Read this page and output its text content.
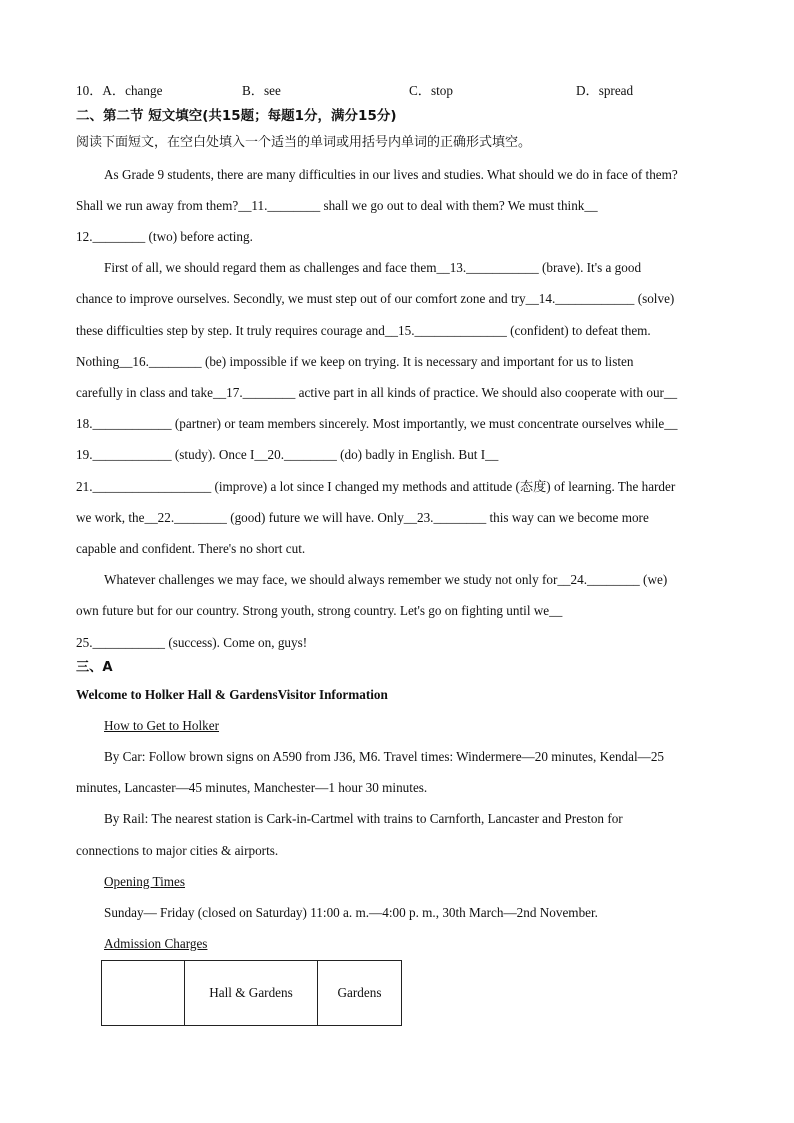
10．A．change	B．see	C．stop	D．spread
二、第二节 短文填空(共15题；每题1分，满分15分)
阅读下面短文，在空白处填入一个适当的单词或用括号内单词的正确形式填空。
As Grade 9 students, there are many difficulties in our lives and studies. What should we do in face of them?
Shall we run away from them?__11.________ shall we go out to deal with them? We must think__
12.________ (two) before acting.
First of all, we should regard them as challenges and face them__13.___________ (brave). It's a good
chance to improve ourselves. Secondly, we must step out of our comfort zone and try__14.____________ (solve)
these difficulties step by step. It truly requires courage and__15.______________ (confident) to defeat them.
Nothing__16.________ (be) impossible if we keep on trying. It is necessary and important for us to listen
carefully in class and take__17.________ active part in all kinds of practice. We should also cooperate with our__
18.____________ (partner) or team members sincerely. Most importantly, we must concentrate ourselves while__
19.____________ (study). Once I__20.________ (do) badly in English. But I__
21.__________________ (improve) a lot since I changed my methods and attitude (态度) of learning. The harder
we work, the__22.________ (good) future we will have. Only__23.________ this way can we become more
capable and confident. There's no short cut.
Whatever challenges we may face, we should always remember we study not only for__24.________ (we)
own future but for our country. Strong youth, strong country. Let's go on fighting until we__
25.___________ (success). Come on, guys!
三、A
Welcome to Holker Hall & GardensVisitor Information
How to Get to Holker
By Car: Follow brown signs on A590 from J36, M6. Travel times: Windermere—20 minutes, Kendal—25
minutes, Lancaster—45 minutes, Manchester—1 hour 30 minutes.
By Rail: The nearest station is Cark-in-Cartmel with trains to Carnforth, Lancaster and Preston for
connections to major cities & airports.
Opening Times
Sunday— Friday (closed on Saturday) 11:00 a. m.—4:00 p. m., 30th March—2nd November.
Admission Charges
	Hall & Gardens	Gardens
